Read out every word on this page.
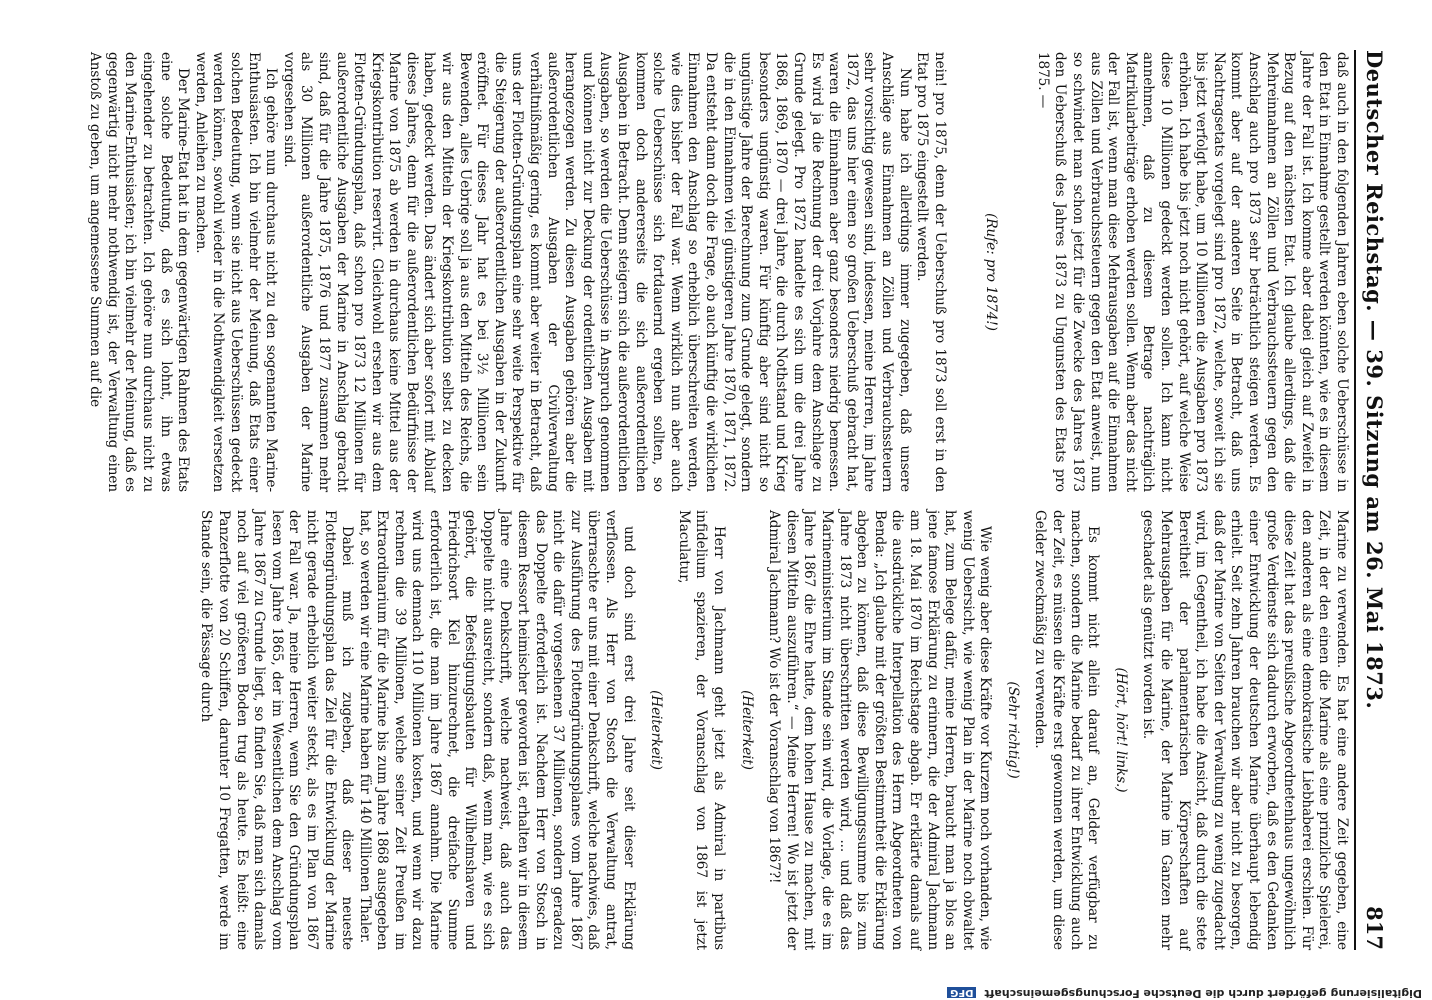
Deutscher Reichstag. — 39. Sitzung am 26. Mai 1873.
817

daß auch in den folgenden Jahren eben solche Ueberschüsse in den Etat in Einnahme gestellt werden könnten, wie es in diesem Jahre der Fall ist. Ich komme aber dabei gleich auf Zweifel in Bezug auf den nächsten Etat. Ich glaube allerdings, daß die Mehreinnahmen an Zöllen und Verbrauchssteuern gegen den Anschlag auch pro 1873 sehr beträchtlich steigen werden. Es kommt aber auf der anderen Seite in Betracht, daß uns Nachtragsetats vorgelegt sind pro 1872, welche, soweit ich sie bis jetzt verfolgt habe, um 10 Millionen die Ausgaben pro 1873 erhöhen. Ich habe bis jetzt noch nicht gehört, auf welche Weise diese 10 Millionen gedeckt werden sollen. Ich kann nicht annehmen, daß zu diesem Betrage nachträglich Matrikularbeiträge erhoben werden sollen. Wenn aber das nicht der Fall ist, wenn man diese Mehrausgaben auf die Einnahmen aus Zöllen und Verbrauchssteuern gegen den Etat anweist, nun so schwindet man schon jetzt für die Zwecke des Jahres 1873 den Ueberschuß des Jahres 1873 zu Ungunsten des Etats pro 1875. —

(Rufe: pro 1874!)

nein! pro 1875, denn der Ueberschuß pro 1873 soll erst in den Etat pro 1875 eingestellt werden.

Nun habe ich allerdings immer zugegeben, daß unsere Anschläge aus Einnahmen an Zöllen und Verbrauchssteuern sehr vorsichtig gewesen sind, indessen, meine Herren, im Jahre 1872, das uns hier einen so großen Ueberschuß gebracht hat, waren die Einnahmen aber ganz besonders niedrig bemessen. Es wird ja die Rechnung der drei Vorjahre dem Anschlage zu Grunde gelegt. Pro 1872 handelte es sich um die drei Jahre 1868, 1869, 1870 — drei Jahre, die durch Nothstand und Krieg besonders ungünstig waren. Für künftig aber sind nicht so ungünstige Jahre der Berechnung zum Grunde gelegt, sondern die in den Einnahmen viel günstigeren Jahre 1870, 1871, 1872. Da entsteht dann doch die Frage, ob auch künftig die wirklichen Einnahmen den Anschlag so erheblich überschreiten werden, wie dies bisher der Fall war. Wenn wirklich nun aber auch solche Ueberschüsse sich fortdauernd ergeben sollten, so kommen doch andererseits die sich außerordentlichen Ausgaben in Betracht. Denn steigern sich die außerordentlichen Ausgaben, so werden die Ueberschüsse in Anspruch genommen und können nicht zur Deckung der ordentlichen Ausgaben mit herangezogen werden. Zu diesen Ausgaben gehören aber die außerordentlichen Ausgaben der Civilverwaltung verhältnißmäßig gering, es kommt aber weiter in Betracht, daß uns der Flotten-Gründungsplan eine sehr weite Perspektive für die Steigerung der außerordentlichen Ausgaben in der Zukunft eröffnet. Für dieses Jahr hat es bei 3½ Millionen sein Bewenden, alles Uebrige soll ja aus den Mitteln des Reichs, die wir aus den Mitteln der Kriegskontribution selbst zu decken haben, gedeckt werden. Das ändert sich aber sofort mit Ablauf dieses Jahres, denn für die außerordentlichen Bedürfnisse der Marine von 1875 ab werden in durchaus keine Mittel aus der Kriegskontribution reservirt. Gleichwohl ersehen wir aus dem Flotten-Gründungsplan, daß schon pro 1873 12 Millionen für außerordentliche Ausgaben der Marine in Anschlag gebracht sind, daß für die Jahre 1875, 1876 und 1877 zusammen mehr als 30 Millionen außerordentliche Ausgaben der Marine vorgesehen sind.

Ich gehöre nun durchaus nicht zu den sogenannten Marine-Enthusiasten. Ich bin vielmehr der Meinung, daß Etats einer solchen Bedeutung, wenn sie nicht aus Ueberschüssen gedeckt werden können, sowohl wieder in die Nothwendigkeit versetzen werden, Anleihen zu machen.

Der Marine-Etat hat in dem gegenwärtigen Rahmen des Etats eine solche Bedeutung, daß es sich lohnt, ihn etwas eingehender zu betrachten. Ich gehöre nun durchaus nicht zu den Marine-Enthusiasten; ich bin vielmehr der Meinung, daß es gegenwärtig nicht mehr nothwendig ist, der Verwaltung einen Anstoß zu geben, um angemessene Summen auf die

Marine zu verwenden. Es hat eine andere Zeit gegeben, eine Zeit, in der den einen die Marine als eine prinzliche Spielerei, den anderen als eine demokratische Liebhaberei erschien. Für diese Zeit hat das preußische Abgeordnetenhaus ungewöhnlich große Verdienste sich dadurch erworben, daß es den Gedanken einer Entwicklung der deutschen Marine überhaupt lebendig erhielt. Seit zehn Jahren brauchen wir aber nicht zu besorgen, daß der Marine von Seiten der Verwaltung zu wenig zugedacht wird, im Gegentheil, ich habe die Ansicht, daß durch die stete Bereitheit der parlamentarischen Körperschaften auf Mehrausgaben für die Marine, der Marine im Ganzen mehr geschadet als genützt worden ist.

(Hört, hört! links.)

Es kommt nicht allein darauf an, Gelder verfügbar zu machen, sondern die Marine bedarf zu ihrer Entwicklung auch der Zeit, es müssen die Kräfte erst gewonnen werden, um diese Gelder zweckmäßig zu verwenden.

(Sehr richtig!)

Wie wenig aber diese Kräfte vor Kurzem noch vorhanden, wie wenig Uebersicht, wie wenig Plan in der Marine noch obwaltet hat, zum Belege dafür, meine Herren, braucht man ja blos an jene famose Erklärung zu erinnern, die der Admiral Jachmann am 18. Mai 1870 im Reichstage abgab. Er erklärte damals auf die ausdrückliche Interpellation des Herrn Abgeordneten von Benda: „Ich glaube mit der größten Bestimmtheit die Erklärung abgeben zu können, daß diese Bewilligungssumme bis zum Jahre 1873 nicht überschritten werden wird, ... und daß das Marineministerium im Stande sein wird, die Vorlage, die es im Jahre 1867 die Ehre hatte, dem hohen Hause zu machen, mit diesen Mitteln auszuführen.“ — Meine Herren! Wo ist jetzt der Admiral Jachmann? Wo ist der Voranschlag von 1867?!

(Heiterkeit)

Herr von Jachmann geht jetzt als Admiral in partibus infidelium spazieren, der Voranschlag von 1867 ist jetzt Maculatur,

(Heiterkeit)

und doch sind erst drei Jahre seit dieser Erklärung verflossen. Als Herr von Stosch die Verwaltung antrat, überraschte er uns mit einer Denkschrift, welche nachwies, daß zur Ausführung des Flottengründungsplanes vom Jahre 1867 nicht die dafür vorgesehenen 37 Millionen, sondern geradezu das Doppelte erforderlich ist. Nachdem Herr von Stosch in diesem Ressort heimischer geworden ist, erhalten wir in diesem Jahre eine Denkschrift, welche nachweist, daß auch das Doppelte nicht ausreicht, sondern daß, wenn man, wie es sich gehört, die Befestigungsbauten für Wilhelmshaven und Friedrichsort Kiel hinzurechnet, die dreifache Summe erforderlich ist, die man im Jahre 1867 annahm. Die Marine wird uns demnach 110 Millionen kosten, und wenn wir dazu rechnen die 39 Millionen, welche seiner Zeit Preußen im Extraordinarium für die Marine bis zum Jahre 1868 ausgegeben hat, so werden wir eine Marine haben für 140 Millionen Thaler.

Dabei muß ich zugeben, daß dieser neueste Flottengründungsplan das Ziel für die Entwicklung der Marine nicht gerade erheblich weiter steckt, als es im Plan von 1867 der Fall war. Ja, meine Herren, wenn Sie den Gründungsplan lesen vom Jahre 1865, der im Wesentlichen dem Anschlag vom Jahre 1867 zu Grunde liegt, so finden Sie, daß man sich damals noch auf viel größeren Boden trug als heute. Es heißt: eine Panzerflotte von 20 Schiffen, darunter 10 Fregatten, werde im Stande sein, die Pässage durch

Digitalisierung gefördert durch die Deutsche Forschungsgemeinschaft DFG
